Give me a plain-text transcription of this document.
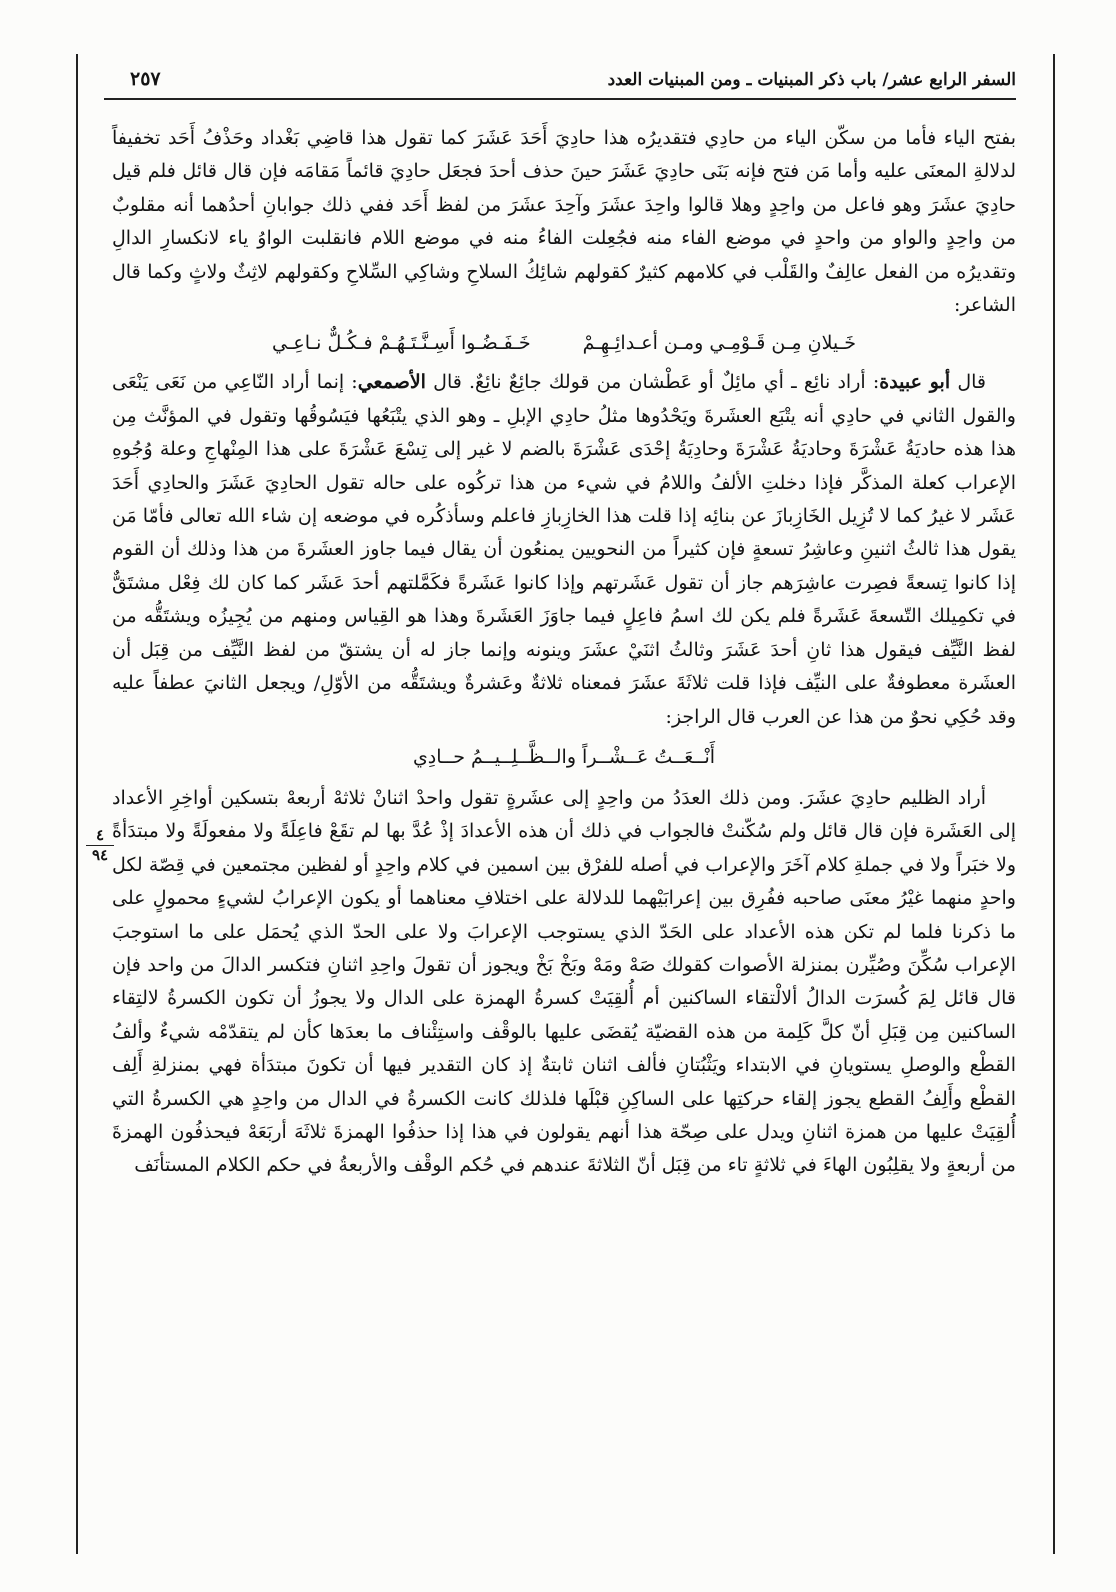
السفر الرابع عشر/ باب ذكر المبنيات ـ ومن المبنيات العدد
٢٥٧
٤
٩٤

بفتح الياء فأما من سكّن الياء من حادِي فتقديرُه هذا حادِيَ أَحَدَ عَشَرَ كما تقول هذا قاضِي بَغْداد وحَذْفُ أَحَد تخفيفاً لدلالةِ المعنَى عليه وأما مَن فتح فإنه بَنَى حادِيَ عَشَرَ حينَ حذف أحدَ فجعَل حادِيَ قائماً مَقامَه فإن قال قائل فلم قيل حادِيَ عشَرَ وهو فاعل من واحِدٍ وهلا قالوا واحِدَ عشَرَ وآحِدَ عشَرَ من لفظ أَحَد ففي ذلك جوابانِ أحدُهما أنه مقلوبٌ من واحِدٍ والواو من واحدٍ في موضع الفاء منه فجُعِلت الفاءُ منه في موضع اللام فانقلبت الواوُ ياء لانكسارِ الدالِ وتقديرُه من الفعل عالِفٌ والقَلْب في كلامهم كثيرٌ كقولهم شائِكُ السلاحِ وشاكِي السِّلاحِ وكقولهم لاثِثٌ ولاثٍ وكما قال الشاعر:

خَـيلانِ مِـن قَـوْمِـي ومـن أعـدائِـهِـمْ
خَـفَـضُـوا أَسِـنَّـتَـهُـمْ فـكُـلٌّ نـاعِـي

قال أبو عبيدة: أراد نائِع ـ أي مائِلٌ أو عَطْشان من قولك جائِعٌ نائِعٌ. قال الأصمعي: إنما أراد النّاعِي من نَعَى يَنْعَى والقول الثاني في حادِي أنه يتْبَع العشَرةَ ويَحْدُوها مثلُ حادِي الإبلِ ـ وهو الذي يتْبَعُها فيَسُوقُها وتقول في المؤنَّث مِن هذا هذه حاديَةُ عَشْرَةَ وحاديَةُ عَشْرَةَ وحادِيَةُ إحْدَى عَشْرَةَ بالضم لا غير إلى تِسْعَ عَشْرَةَ على هذا المِنْهاجِ وعلة وُجُوهِ الإعراب كعلة المذكَّر فإذا دخلتِ الألفُ واللامُ في شيء من هذا تركُوه على حاله تقول الحادِيَ عَشَرَ والحادِي أَحَدَ عَشَر لا غيرُ كما لا تُزِيل الخَازِبازَ عن بنائِه إذا قلت هذا الخازِبازِ فاعلم وسأذكُره في موضعه إن شاء الله تعالى فأمّا مَن يقول هذا ثالثُ اثنينِ وعاشِرُ تسعةٍ فإن كثيراً من النحويين يمنعُون أن يقال فيما جاوز العشَرةَ من هذا وذلك أن القوم إذا كانوا تِسعةً فصِرت عاشِرَهم جاز أن تقول عَشَرتهم وإذا كانوا عَشَرةً فكَمَّلتهم أحدَ عَشَر كما كان لك فِعْل مشتَقٌّ في تكمِيلك التّسعةَ عَشَرةً فلم يكن لك اسمُ فاعِلٍ فيما جاوَزَ العَشَرةَ وهذا هو القِياس ومنهم من يُجِيزُه ويشتَقُّه من لفظ النَّيِّف فيقول هذا ثانِ أحدَ عَشَرَ وثالثُ اثنَيْ عشَرَ وينونه وإنما جاز له أن يشتقّ من لفظ النَّيِّف من قِبَل أن العشَرة معطوفةٌ على النيِّف فإذا قلت ثلاثَةَ عشَرَ فمعناه ثلاثةٌ وعَشرةٌ ويشتَقُّه من الأوّلِ/ ويجعل الثانيَ عطفاً عليه وقد حُكِي نحوٌ من هذا عن العرب قال الراجز:

أَنْــعَــتُ عَــشْــراً والــظَّــلِــيــمُ حــادِي

أراد الظليم حادِيَ عشَرَ. ومن ذلك العدَدُ من واحِدٍ إلى عشَرةٍ تقول واحدْ اثنانْ ثلاثهْ أربعهْ بتسكين أواخِرِ الأعداد إلى العَشَرة فإن قال قائل ولم سُكّنتْ فالجواب في ذلك أن هذه الأعدادَ إذْ عُدَّ بها لم تقَعْ فاعِلَةً ولا مفعولَةً ولا مبتدَأةً ولا خبَراً ولا في جملةِ كلام آخَرَ والإعراب في أصله للفرْق بين اسمين في كلام واحِدٍ أو لفظين مجتمعين في قِصّة لكل واحدٍ منهما غيْرُ معنَى صاحبه ففُرِق بين إعرابَيْهما للدلالة على اختلافِ معناهما أو يكون الإعرابُ لشيءٍ محمولٍ على ما ذكرنا فلما لم تكن هذه الأعداد على الحَدّ الذي يستوجب الإعرابَ ولا على الحدّ الذي يُحمَل على ما استوجبَ الإعراب سُكِّنَ وصُيِّرن بمنزلة الأصوات كقولك صَهْ ومَهْ وبَخْ بَخْ ويجوز أن تقولَ واحِدِ اثنانِ فتكسر الدالَ من واحد فإن قال قائل لِمَ كُسرَت الدالُ ألالْتقاء الساكنين أم أُلقِيَتْ كسرةُ الهمزة على الدال ولا يجوزُ أن تكون الكسرةُ لالتِقاء الساكنين مِن قِبَلِ أنّ كلَّ كَلِمة من هذه القضيّة يُقضَى عليها بالوقْف واستِئْناف ما بعدَها كأن لم يتقدّمْه شيءٌ وألفُ القطْع والوصلِ يستويانِ في الابتداء ويَثْبُتانِ فألف اثنان ثابتةٌ إذ كان التقدير فيها أن تكونَ مبتدَأة فهي بمنزلةِ أَلِف القطْع وأَلِفُ القطع يجوز إلقاء حركتِها على الساكِنِ قبْلَها فلذلك كانت الكسرةُ في الدال من واحِدٍ هي الكسرةُ التي أُلقِيَتْ عليها من همزة اثنانِ ويدل على صِحّة هذا أنهم يقولون في هذا إذا حذفُوا الهمزةَ ثلاثَهَ أربَعَهْ فيحذفُون الهمزةَ من أربعةٍ ولا يقلِبُون الهاءَ في ثلاثةٍ تاء من قِبَل أنّ الثلاثةَ عندهم في حُكم الوقْف والأربعةُ في حكم الكلام المستأنَف
